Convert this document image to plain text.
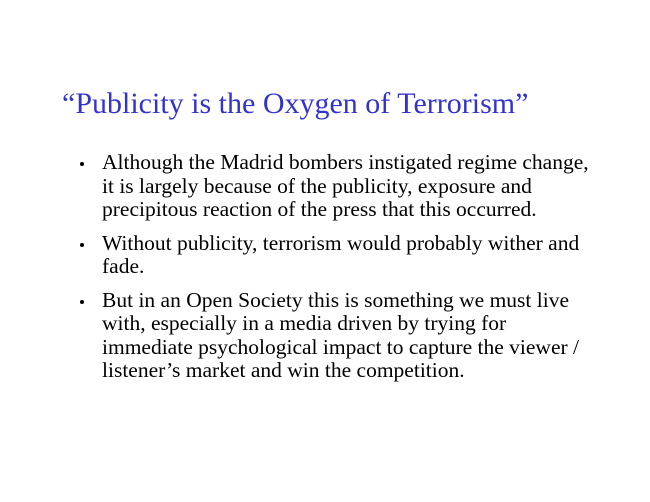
“Publicity is the Oxygen of Terrorism”
Although the Madrid bombers instigated regime change, it is largely because of the publicity, exposure and precipitous reaction of the press that this occurred.
Without publicity, terrorism would probably wither and fade.
But in an Open Society this is something we must live with, especially in a media driven by trying for immediate psychological impact to capture the viewer / listener’s market and win the competition.
